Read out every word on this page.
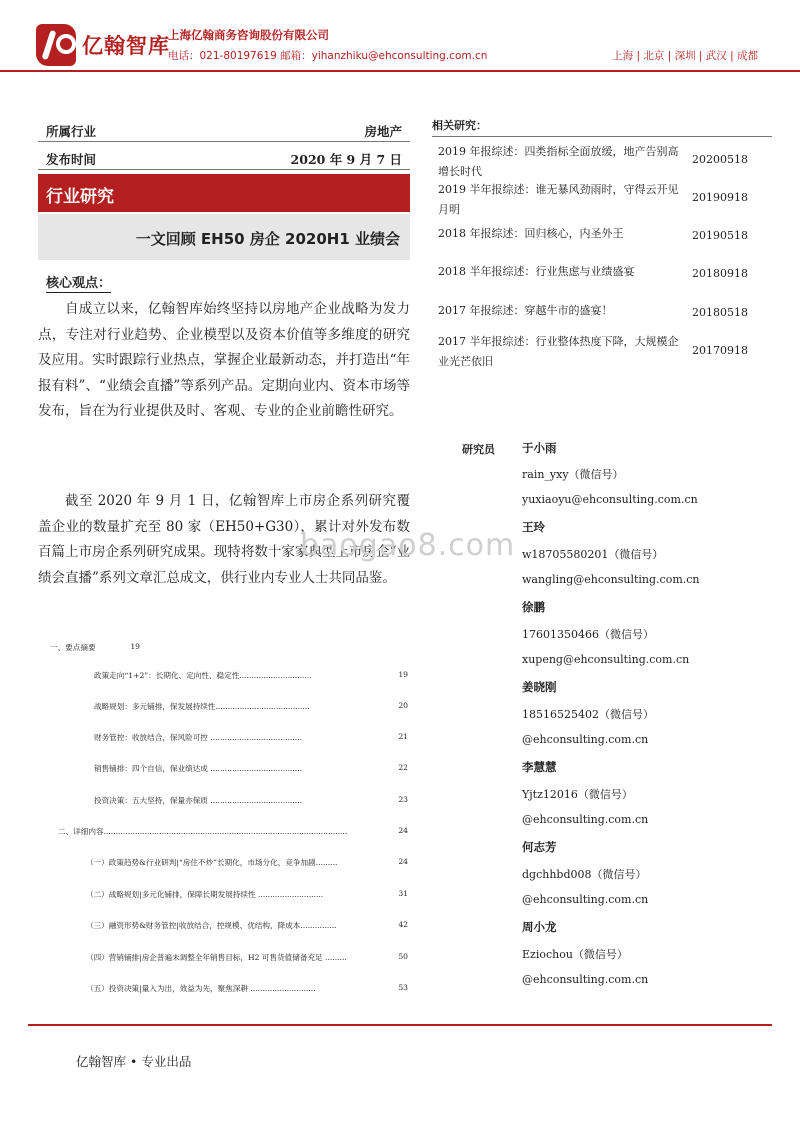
亿翰智库
上海亿翰商务咨询股份有限公司
电话：021-80197619 邮箱：yihanzhiku@ehconsulting.com.cn	上海 | 北京 | 深圳 | 武汉 | 成都
所属行业	房地产
发布时间	2020 年 9 月 7 日
行业研究
一文回顾 EH50 房企 2020H1 业绩会
核心观点：

自成立以来，亿翰智库始终坚持以房地产企业战略为发力点，专注对行业趋势、企业模型以及资本价值等多维度的研究及应用。实时跟踪行业热点，掌握企业最新动态，并打造出“年报有料”、“业绩会直播”等系列产品。定期向业内、资本市场等发布，旨在为行业提供及时、客观、专业的企业前瞻性研究。

截至 2020 年 9 月 1 日，亿翰智库上市房企系列研究覆盖企业的数量扩充至 80 家（EH50+G30），累计对外发布数百篇上市房企系列研究成果。现特将数十家家典型上市房企“业绩会直播”系列文章汇总成文，供行业内专业人士共同品鉴。

一、要点摘要	19
政策走向“1+2”：长期化、定向性、稳定性..............................	19
战略规划：多元铺排，保发展持续性.......................................	20
财务管控：收放结合，保风险可控 ......................................	21
销售铺排：四个自信，保业绩达成 ......................................	22
投资决策：五大坚持，保量亦保质 ......................................	23
二、详细内容.....................................................................................................	24
（一）政策趋势&行业研判|“房住不炒”长期化，市场分化，竞争加剧.........	24
（二）战略规划|多元化铺排，保障长期发展持续性 ...........................	31
（三）融资形势&财务管控|收放结合，控规模、优结构，降成本...............	42
（四）营销铺排|房企普遍未调整全年销售目标，H2 可售货值储备充足 .........	50
（五）投资决策|量入为出，效益为先，聚焦深耕 ...........................	53
相关研究：
2019 年报综述：四类指标全面放缓，地产告别高增长时代
20200518
2019 半年报综述：谁无暴风劲雨时，守得云开见月明
20190918
2018 年报综述：回归核心，内圣外王	20190518
2018 半年报综述：行业焦虑与业绩盛宴	20180918
2017 年报综述：穿越牛市的盛宴！	20180518
2017 半年报综述：行业整体热度下降，大规模企业光芒依旧
20170918
研究员 于小雨
rain_yxy（微信号）
yuxiaoyu@ehconsulting.com.cn
王玲
w18705580201（微信号）
wangling@ehconsulting.com.cn
徐鹏
17601350466（微信号）
xupeng@ehconsulting.com.cn
姜晓刚
18516525402（微信号）
@ehconsulting.com.cn
李慧慧
Yjtz12016（微信号）
@ehconsulting.com.cn
何志芳
dgchhbd008（微信号）
@ehconsulting.com.cn
周小龙
Eziochou（微信号）
@ehconsulting.com.cn
baogao8.com
亿翰智库 • 专业出品
